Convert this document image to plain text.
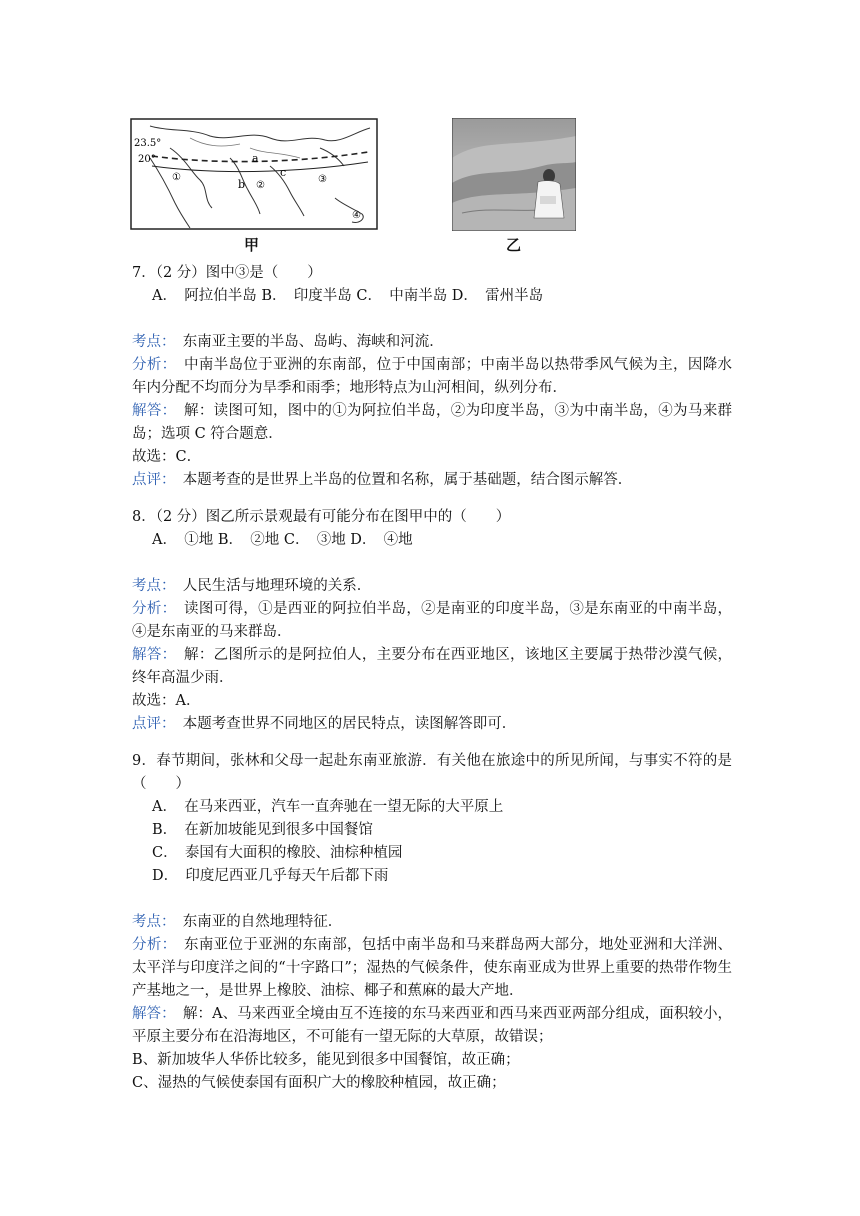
23.5°
20°
①
②
③
④
a
b
c
甲	乙
7．（2 分）图中③是（　　）
A．　阿拉伯半岛 B．　印度半岛 C．　中南半岛 D．　雷州半岛
考点：　东南亚主要的半岛、岛屿、海峡和河流．
分析：　中南半岛位于亚洲的东南部，位于中国南部；中南半岛以热带季风气候为主，因降水年内分配不均而分为旱季和雨季；地形特点为山河相间，纵列分布．
解答：　解：读图可知，图中的①为阿拉伯半岛，②为印度半岛，③为中南半岛，④为马来群岛；选项 C 符合题意．
故选：C．
点评：　本题考查的是世界上半岛的位置和名称，属于基础题，结合图示解答．
8．（2 分）图乙所示景观最有可能分布在图甲中的（　　）
A．　①地 B．　②地 C．　③地 D．　④地
考点：　人民生活与地理环境的关系．
分析：　读图可得，①是西亚的阿拉伯半岛，②是南亚的印度半岛，③是东南亚的中南半岛，④是东南亚的马来群岛．
解答：　解：乙图所示的是阿拉伯人，主要分布在西亚地区，该地区主要属于热带沙漠气候，终年高温少雨．
故选：A．
点评：　本题考查世界不同地区的居民特点，读图解答即可．
9．春节期间，张林和父母一起赴东南亚旅游．有关他在旅途中的所见所闻，与事实不符的是（　　）
A．　在马来西亚，汽车一直奔驰在一望无际的大平原上
B．　在新加坡能见到很多中国餐馆
C．　泰国有大面积的橡胶、油棕种植园
D．　印度尼西亚几乎每天午后都下雨
考点：　东南亚的自然地理特征．
分析：　东南亚位于亚洲的东南部，包括中南半岛和马来群岛两大部分，地处亚洲和大洋洲、太平洋与印度洋之间的“十字路口”；湿热的气候条件，使东南亚成为世界上重要的热带作物生产基地之一，是世界上橡胶、油棕、椰子和蕉麻的最大产地．
解答：　解：A、马来西亚全境由互不连接的东马来西亚和西马来西亚两部分组成，面积较小，平原主要分布在沿海地区，不可能有一望无际的大草原，故错误；
B、新加坡华人华侨比较多，能见到很多中国餐馆，故正确；
C、湿热的气候使泰国有面积广大的橡胶种植园，故正确；
